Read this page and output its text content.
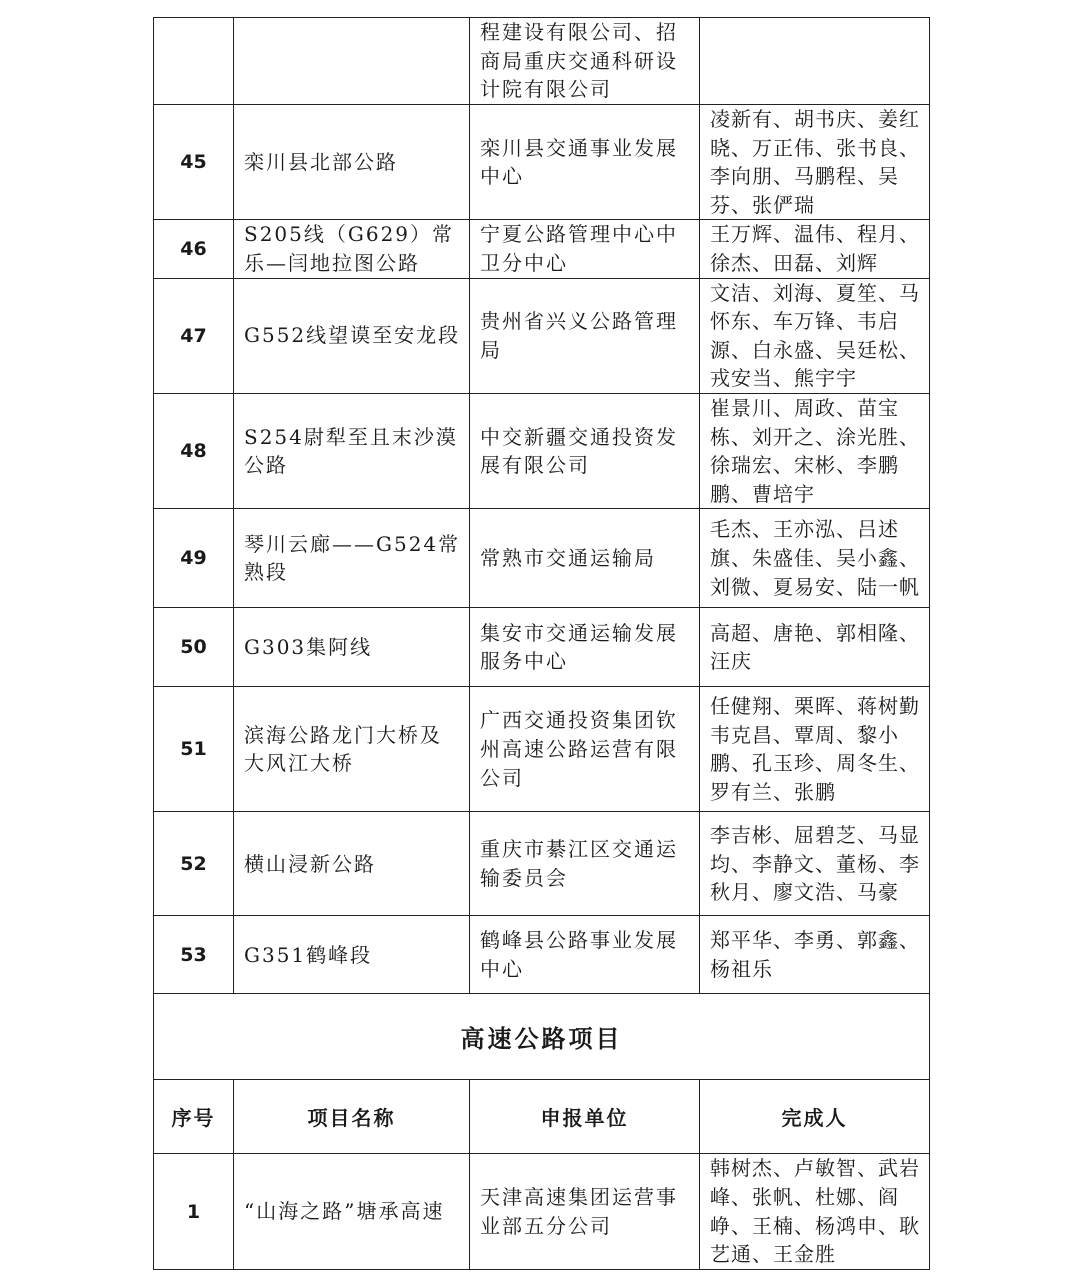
		程建设有限公司、招商局重庆交通科研设计院有限公司	
45	栾川县北部公路	栾川县交通事业发展中心	凌新有、胡书庆、姜红晓、万正伟、张书良、李向朋、马鹏程、吴芬、张俨瑞
46	S205线（G629）常乐—闫地拉图公路	宁夏公路管理中心中卫分中心	王万辉、温伟、程月、徐杰、田磊、刘辉
47	G552线望谟至安龙段	贵州省兴义公路管理局	文洁、刘海、夏笙、马怀东、车万锋、韦启源、白永盛、吴廷松、戎安当、熊宇宇
48	S254尉犁至且末沙漠公路	中交新疆交通投资发展有限公司	崔景川、周政、苗宝栋、刘开之、涂光胜、徐瑞宏、宋彬、李鹏鹏、曹培宇
49	琴川云廊——G524常熟段	常熟市交通运输局	毛杰、王亦泓、吕述旗、朱盛佳、吴小鑫、刘微、夏易安、陆一帆
50	G303集阿线	集安市交通运输发展服务中心	高超、唐艳、郭相隆、汪庆
51	滨海公路龙门大桥及大风江大桥	广西交通投资集团钦州高速公路运营有限公司	任健翔、栗晖、蒋树勤韦克昌、覃周、黎小鹏、孔玉珍、周冬生、罗有兰、张鹏
52	横山浸新公路	重庆市綦江区交通运输委员会	李吉彬、屈碧芝、马显均、李静文、董杨、李秋月、廖文浩、马豪
53	G351鹤峰段	鹤峰县公路事业发展中心	郑平华、李勇、郭鑫、杨祖乐
高速公路项目			
序号	项目名称	申报单位	完成人
1	“山海之路”塘承高速	天津高速集团运营事业部五分公司	韩树杰、卢敏智、武岩峰、张帆、杜娜、阎峥、王楠、杨鸿申、耿艺通、王金胜
